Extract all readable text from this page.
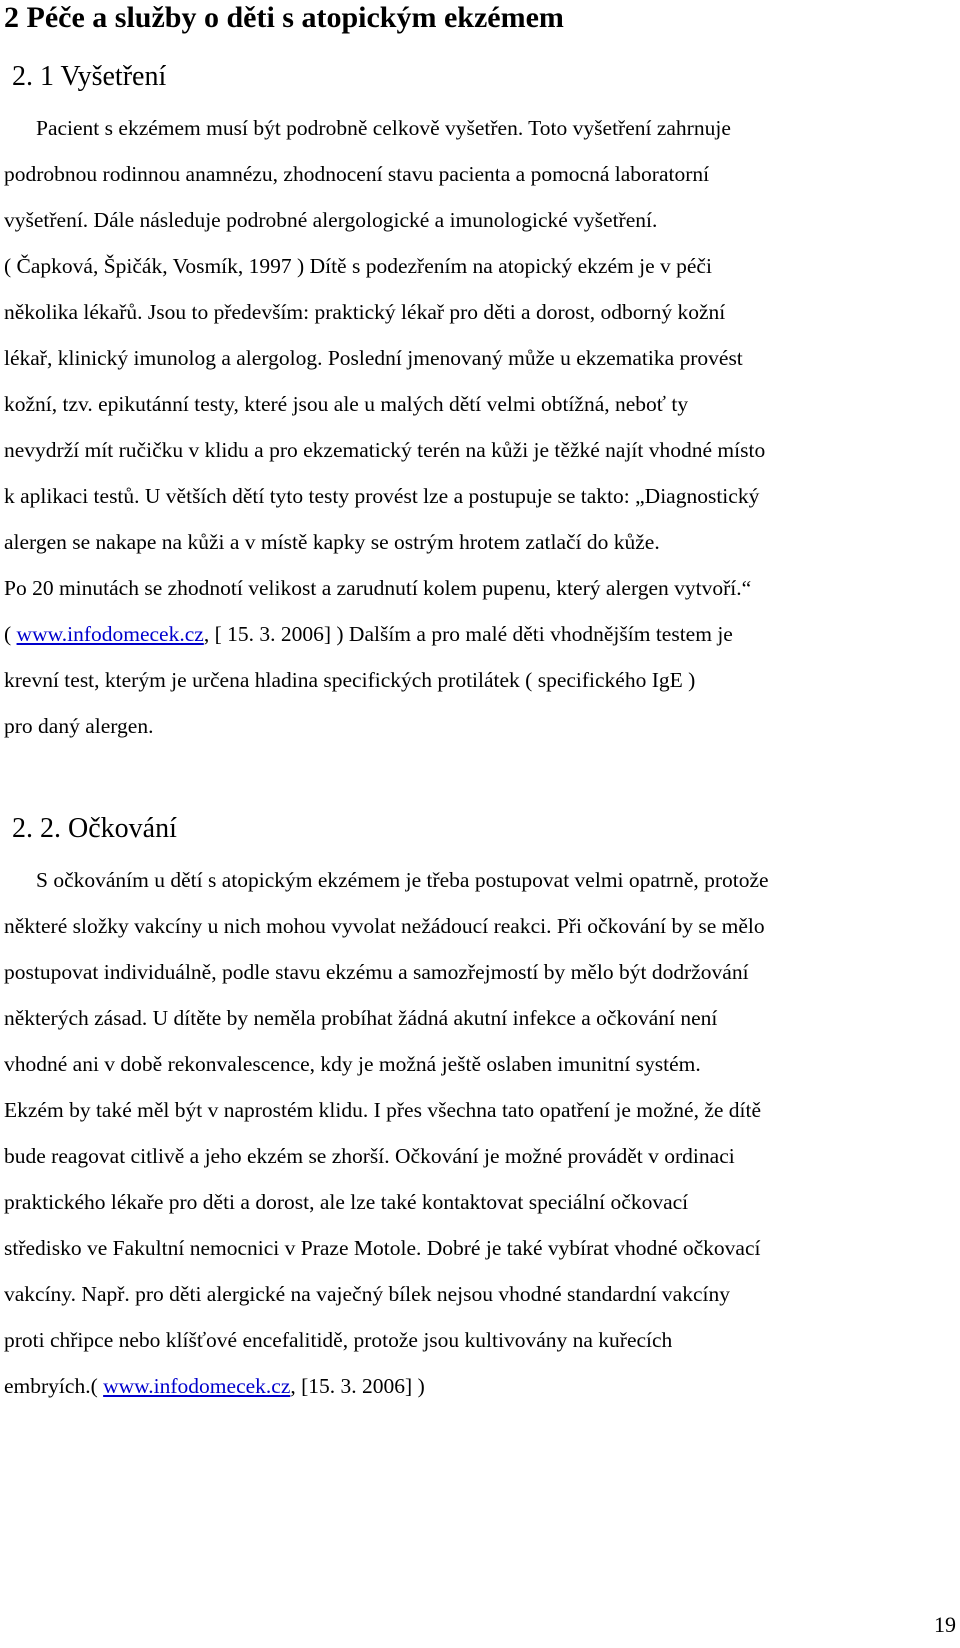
2 Péče a služby o děti s atopickým ekzémem
2. 1 Vyšetření
Pacient s ekzémem musí být podrobně celkově vyšetřen. Toto vyšetření zahrnuje
podrobnou rodinnou anamnézu, zhodnocení stavu pacienta a pomocná laboratorní
vyšetření. Dále následuje podrobné alergologické a imunologické vyšetření.
( Čapková, Špičák, Vosmík, 1997 ) Dítě s podezřením na atopický ekzém je v péči
několika lékařů. Jsou to především: praktický lékař pro děti a dorost, odborný kožní
lékař, klinický imunolog a alergolog. Poslední jmenovaný může u ekzematika provést
kožní, tzv. epikutánní testy, které jsou ale u malých dětí velmi obtížná, neboť ty
nevydrží mít ručičku v klidu a pro ekzematický terén na kůži je těžké najít vhodné místo
k aplikaci testů. U větších dětí tyto testy provést lze a postupuje se takto: „Diagnostický
alergen se nakape na kůži a v místě kapky se ostrým hrotem zatlačí do kůže.
Po 20 minutách se zhodnotí velikost a zarudnutí kolem pupenu, který alergen vytvoří.“
( www.infodomecek.cz, [ 15. 3. 2006] ) Dalším a pro malé děti vhodnějším testem je
krevní test, kterým je určena hladina specifických protilátek ( specifického IgE )
pro daný alergen.
2. 2. Očkování
S očkováním u dětí s atopickým ekzémem je třeba postupovat velmi opatrně, protože
některé složky vakcíny u nich mohou vyvolat nežádoucí reakci. Při očkování by se mělo
postupovat individuálně, podle stavu ekzému a samozřejmostí by mělo být dodržování
některých zásad. U dítěte by neměla probíhat žádná akutní infekce a očkování není
vhodné ani v době rekonvalescence, kdy je možná ještě oslaben imunitní systém.
Ekzém by také měl být v naprostém klidu. I přes všechna tato opatření je možné, že dítě
bude reagovat citlivě a jeho ekzém se zhorší. Očkování je možné provádět v ordinaci
praktického lékaře pro děti a dorost, ale lze také kontaktovat speciální očkovací
středisko ve Fakultní nemocnici v Praze Motole. Dobré je také vybírat vhodné očkovací
vakcíny. Např. pro děti alergické na vaječný bílek nejsou vhodné standardní vakcíny
proti chřipce nebo klíšťové encefalitidě, protože jsou kultivovány na kuřecích
embryích.( www.infodomecek.cz, [15. 3. 2006] )
19
